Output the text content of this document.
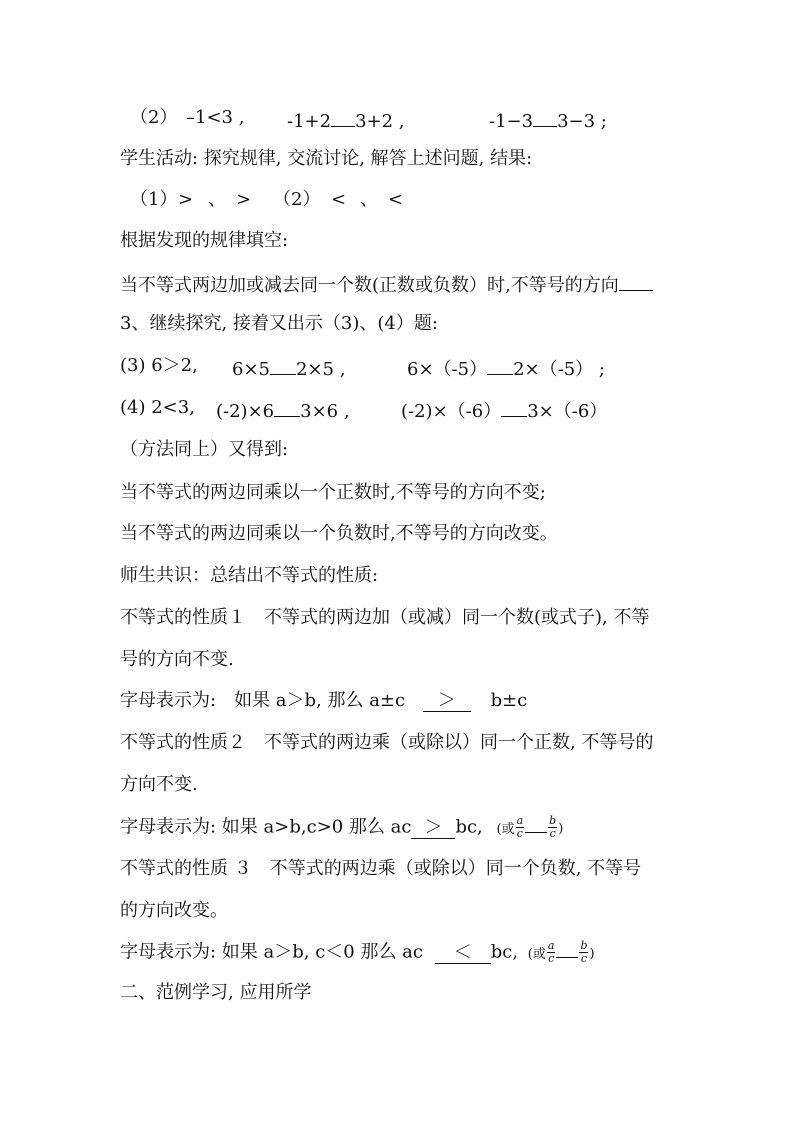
（2） –1<3 , -1+2 3+2 ,	-1−3 3−3 ;
学生活动: 探究规律, 交流讨论, 解答上述问题, 结果:
（1） > 、 > （2） < 、 <
根据发现的规律填空:
当不等式两边加或减去同一个数(正数或负数）时,不等号的方向
3、继续探究, 接着又出示（3)、(4）题:
(3) 6＞2, 6×5 2×5 ,	6×（-5） 2×（-5） ;
(4) 2<3, (-2)×6 3×6 ,	(-2)×（-6） 3×（-6）
（方法同上）又得到:
当不等式的两边同乘以一个正数时,不等号的方向不变;
当不等式的两边同乘以一个负数时,不等号的方向改变。
师生共识：总结出不等式的性质:
不等式的性质１　不等式的两边加（或减）同一个数(或式子), 不等
号的方向不变.
字母表示为:　如果 a＞b, 那么 a±c ＞ b±c
不等式的性质２　不等式的两边乘（或除以）同一个正数, 不等号的
方向不变.
字母表示为: 如果 a>b,c>0 那么 ac ＞ bc, (或 $\frac{a}{c} \frac{b}{c}$ )
不等式的性质 ３　不等式的两边乘（或除以）同一个负数, 不等号
的方向改变。
字母表示为: 如果 a＞b, c＜0 那么 ac ＜ bc, (或 $\frac{a}{c} \frac{b}{c}$ )
二、范例学习, 应用所学
